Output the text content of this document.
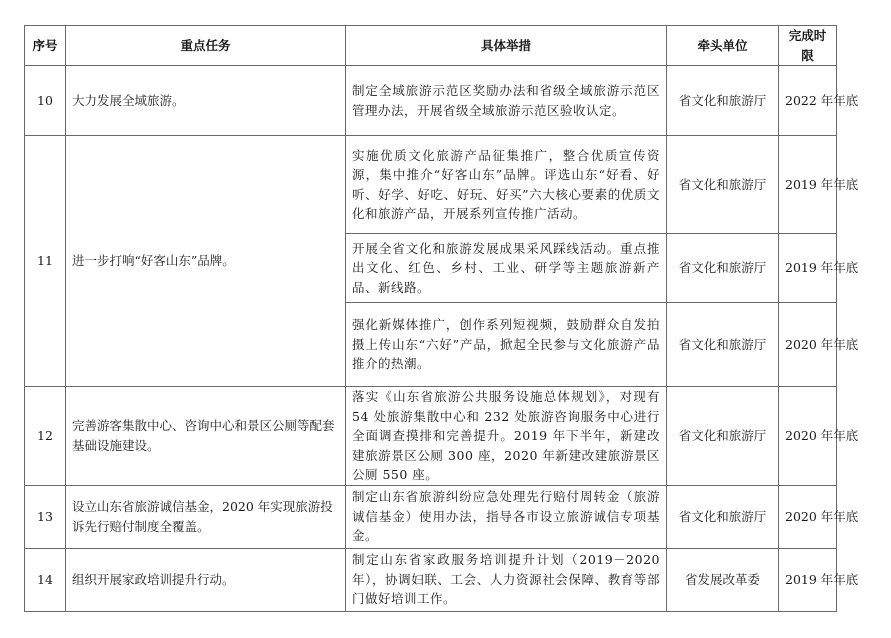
序号	重点任务	具体举措	牵头单位	完成时限
10	大力发展全域旅游。	制定全域旅游示范区奖励办法和省级全域旅游示范区管理办法，开展省级全域旅游示范区验收认定。	省文化和旅游厅	2022 年年底
11	进一步打响“好客山东”品牌。	实施优质文化旅游产品征集推广，整合优质宣传资源，集中推介“好客山东”品牌。评选山东“好看、好听、好学、好吃、好玩、好买”六大核心要素的优质文化和旅游产品，开展系列宣传推广活动。	省文化和旅游厅	2019 年年底
		开展全省文化和旅游发展成果采风踩线活动。重点推出文化、红色、乡村、工业、研学等主题旅游新产品、新线路。	省文化和旅游厅	2019 年年底
		强化新媒体推广，创作系列短视频，鼓励群众自发拍摄上传山东“六好”产品，掀起全民参与文化旅游产品推介的热潮。	省文化和旅游厅	2020 年年底
12	完善游客集散中心、咨询中心和景区公厕等配套基础设施建设。	落实《山东省旅游公共服务设施总体规划》，对现有 54 处旅游集散中心和 232 处旅游咨询服务中心进行全面调查摸排和完善提升。2019 年下半年，新建改建旅游景区公厕 300 座，2020 年新建改建旅游景区公厕 550 座。	省文化和旅游厅	2020 年年底
13	设立山东省旅游诚信基金，2020 年实现旅游投诉先行赔付制度全覆盖。	制定山东省旅游纠纷应急处理先行赔付周转金（旅游诚信基金）使用办法，指导各市设立旅游诚信专项基金。	省文化和旅游厅	2020 年年底
14	组织开展家政培训提升行动。	制定山东省家政服务培训提升计划（2019－2020年），协调妇联、工会、人力资源社会保障、教育等部门做好培训工作。	省发展改革委	2019 年年底
